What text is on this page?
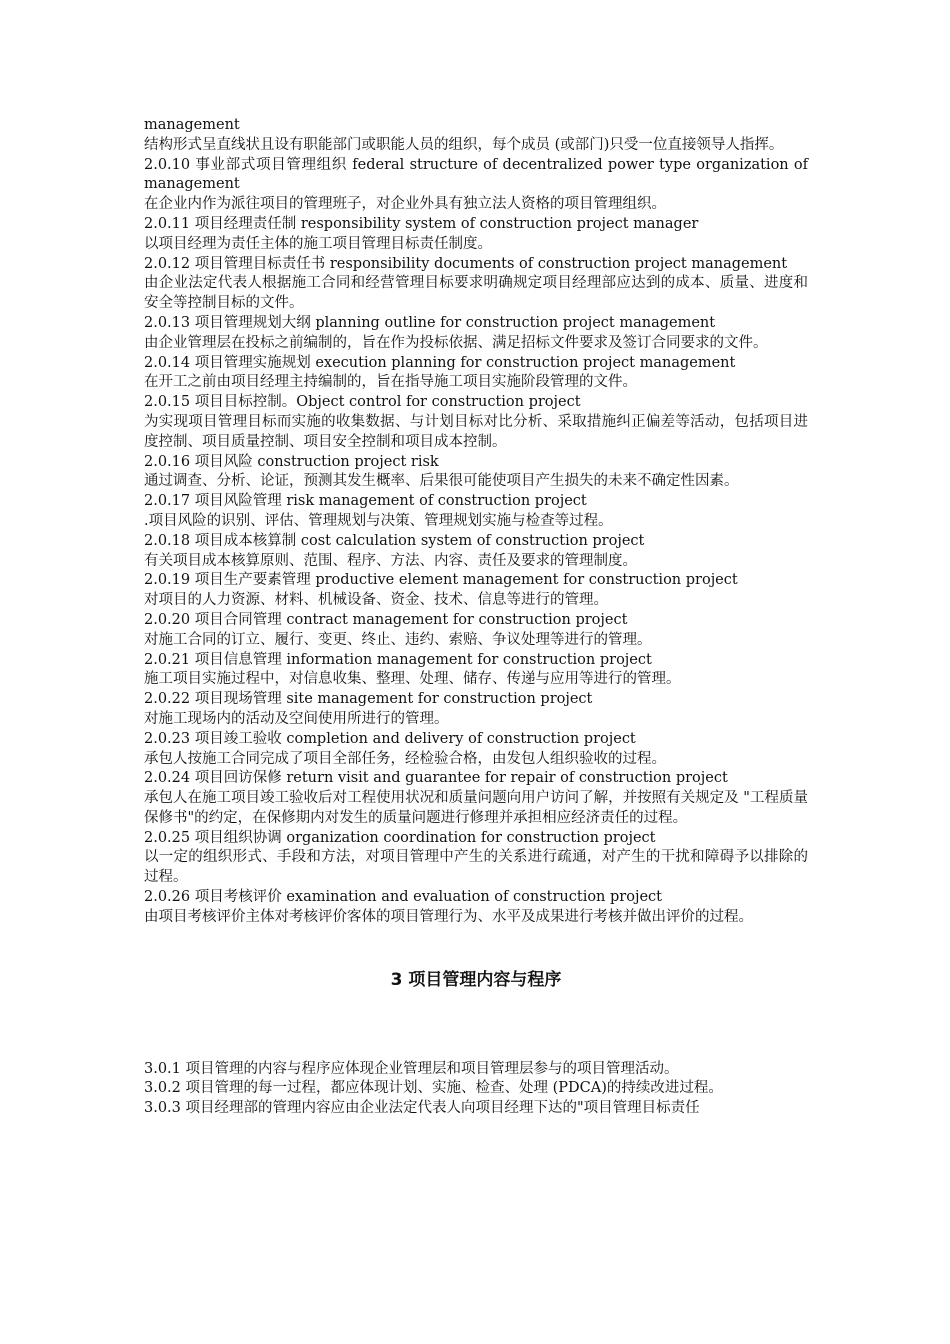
management

结构形式呈直线状且设有职能部门或职能人员的组织，每个成员 (或部门)只受一位直接领导人指挥。

2.0.10 事业部式项目管理组织 federal structure of decentralized power type organization of management

在企业内作为派往项目的管理班子，对企业外具有独立法人资格的项目管理组织。

2.0.11 项目经理责任制 responsibility system of construction project manager

以项目经理为责任主体的施工项目管理目标责任制度。

2.0.12 项目管理目标责任书 responsibility documents of construction project management

由企业法定代表人根据施工合同和经营管理目标要求明确规定项目经理部应达到的成本、质量、进度和安全等控制目标的文件。

2.0.13 项目管理规划大纲 planning outline for construction project management

由企业管理层在投标之前编制的，旨在作为投标依据、满足招标文件要求及签订合同要求的文件。

2.0.14 项目管理实施规划 execution planning for construction project management

在开工之前由项目经理主持编制的，旨在指导施工项目实施阶段管理的文件。

2.0.15 项目目标控制。Object control for construction project

为实现项目管理目标而实施的收集数据、与计划目标对比分析、采取措施纠正偏差等活动，包括项目进度控制、项目质量控制、项目安全控制和项目成本控制。

2.0.16 项目风险 construction project risk

通过调查、分析、论证，预测其发生概率、后果很可能使项目产生损失的未来不确定性因素。

2.0.17 项目风险管理 risk management of construction project

.项目风险的识别、评估、管理规划与决策、管理规划实施与检查等过程。

2.0.18 项目成本核算制 cost calculation system of construction project

有关项目成本核算原则、范围、程序、方法、内容、责任及要求的管理制度。

2.0.19 项目生产要素管理 productive element management for construction project

对项目的人力资源、材料、机械设备、资金、技术、信息等进行的管理。

2.0.20 项目合同管理 contract management for construction project

对施工合同的订立、履行、变更、终止、违约、索赔、争议处理等进行的管理。

2.0.21 项目信息管理 information management for construction project

施工项目实施过程中，对信息收集、整理、处理、储存、传递与应用等进行的管理。

2.0.22 项目现场管理 site management for construction project

对施工现场内的活动及空间使用所进行的管理。

2.0.23 项目竣工验收 completion and delivery of construction project

承包人按施工合同完成了项目全部任务，经检验合格，由发包人组织验收的过程。

2.0.24 项目回访保修 return visit and guarantee for repair of construction project

承包人在施工项目竣工验收后对工程使用状况和质量问题向用户访问了解，并按照有关规定及 "工程质量保修书"的约定，在保修期内对发生的质量问题进行修理并承担相应经济责任的过程。

2.0.25 项目组织协调 organization coordination for construction project

以一定的组织形式、手段和方法，对项目管理中产生的关系进行疏通，对产生的干扰和障碍予以排除的过程。

2.0.26 项目考核评价 examination and evaluation of construction project

由项目考核评价主体对考核评价客体的项目管理行为、水平及成果进行考核并做出评价的过程。

3 项目管理内容与程序

3.0.1 项目管理的内容与程序应体现企业管理层和项目管理层参与的项目管理活动。

3.0.2 项目管理的每一过程，都应体现计划、实施、检查、处理 (PDCA)的持续改进过程。

3.0.3 项目经理部的管理内容应由企业法定代表人向项目经理下达的"项目管理目标责任
